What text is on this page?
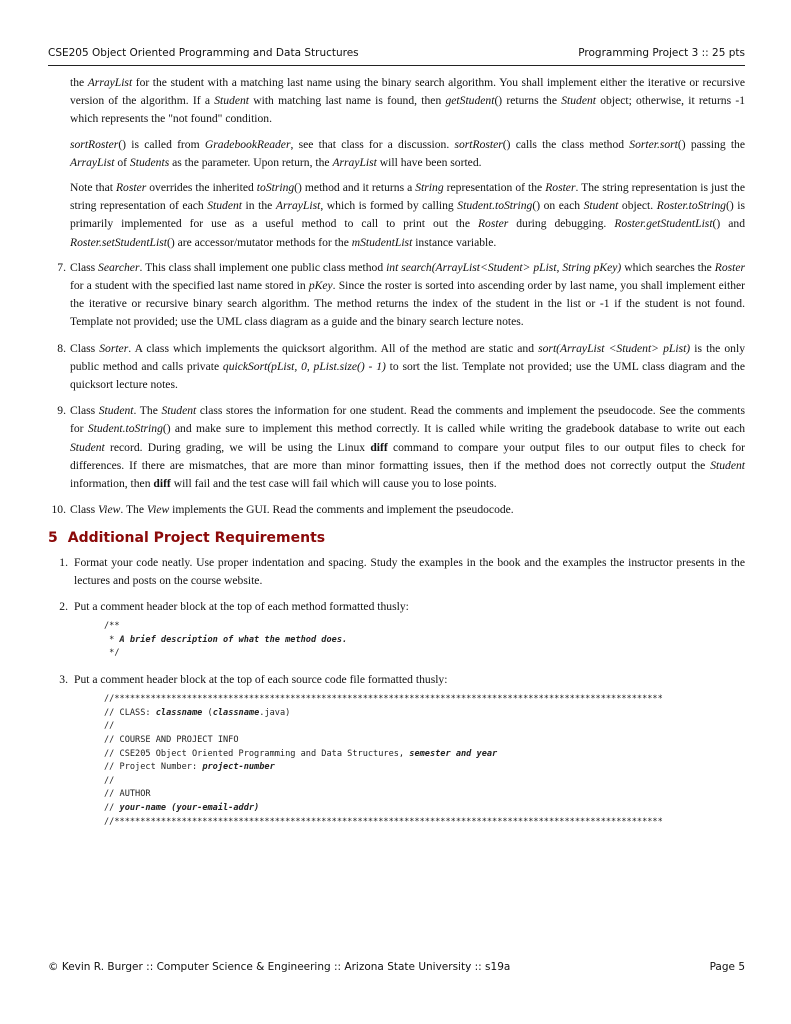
CSE205 Object Oriented Programming and Data Structures	Programming Project 3 :: 25 pts

the ArrayList for the student with a matching last name using the binary search algorithm. You shall implement either the iterative or recursive version of the algorithm. If a Student with matching last name is found, then getStudent() returns the Student object; otherwise, it returns -1 which represents the "not found" condition.

sortRoster() is called from GradebookReader, see that class for a discussion. sortRoster() calls the class method Sorter.sort() passing the ArrayList of Students as the parameter. Upon return, the ArrayList will have been sorted.

Note that Roster overrides the inherited toString() method and it returns a String representation of the Roster. The string representation is just the string representation of each Student in the ArrayList, which is formed by calling Student.toString() on each Student object. Roster.toString() is primarily implemented for use as a useful method to call to print out the Roster during debugging. Roster.getStudentList() and Roster.setStudentList() are accessor/mutator methods for the mStudentList instance variable.

7. Class Searcher. This class shall implement one public class method int search(ArrayList<Student> pList, String pKey) which searches the Roster for a student with the specified last name stored in pKey. Since the roster is sorted into ascending order by last name, you shall implement either the iterative or recursive binary search algorithm. The method returns the index of the student in the list or -1 if the student is not found. Template not provided; use the UML class diagram as a guide and the binary search lecture notes.
8. Class Sorter. A class which implements the quicksort algorithm. All of the method are static and sort(ArrayList <Student> pList) is the only public method and calls private quickSort(pList, 0, pList.size() - 1) to sort the list. Template not provided; use the UML class diagram and the quicksort lecture notes.
9. Class Student. The Student class stores the information for one student. Read the comments and implement the pseudocode. See the comments for Student.toString() and make sure to implement this method correctly. It is called while writing the gradebook database to write out each Student record. During grading, we will be using the Linux diff command to compare your output files to our output files to check for differences. If there are mismatches, that are more than minor formatting issues, then if the method does not correctly output the Student information, then diff will fail and the test case will fail which will cause you to lose points.
10. Class View. The View implements the GUI. Read the comments and implement the pseudocode.
5 Additional Project Requirements
1. Format your code neatly. Use proper indentation and spacing. Study the examples in the book and the examples the instructor presents in the lectures and posts on the course website.
2. Put a comment header block at the top of each method formatted thusly:
/**
* A brief description of what the method does.
*/
3. Put a comment header block at the top of each source code file formatted thusly:
//**********************************************************************************************************
// CLASS: classname (classname.java)
//
// COURSE AND PROJECT INFO
// CSE205 Object Oriented Programming and Data Structures, semester and year
// Project Number: project-number
//
// AUTHOR
// your-name (your-email-addr)
//**********************************************************************************************************
© Kevin R. Burger :: Computer Science & Engineering :: Arizona State University :: s19a	Page 5
